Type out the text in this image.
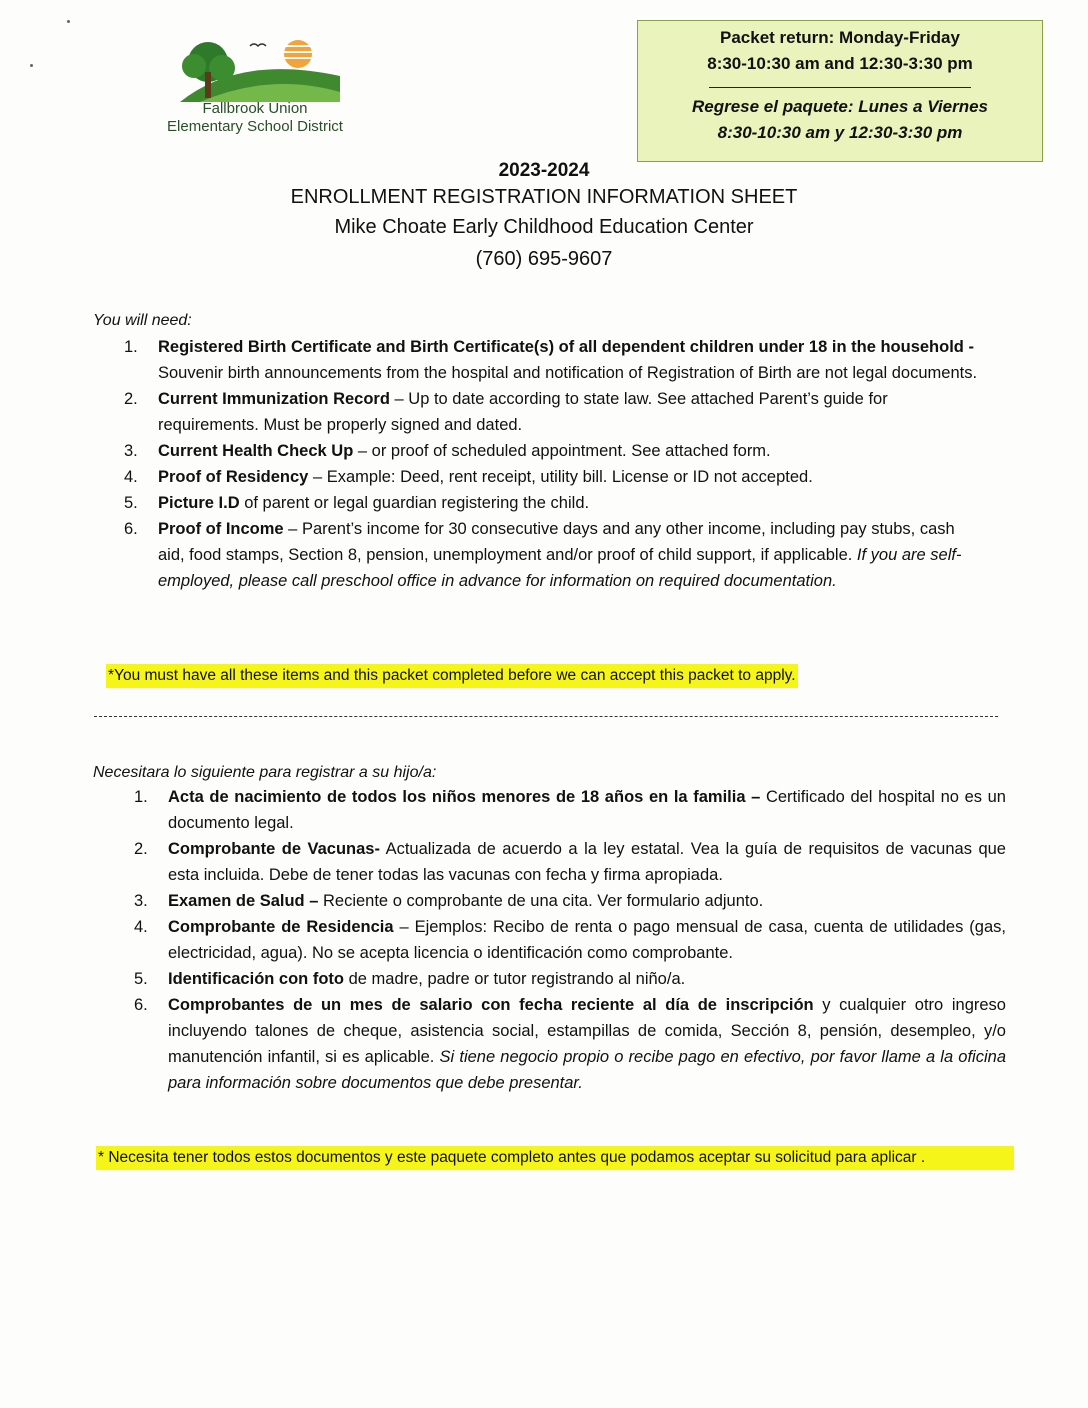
Fallbrook Union
Elementary School District
Packet return: Monday-Friday
8:30-10:30 am and 12:30-3:30 pm
Regrese el paquete: Lunes a Viernes
8:30-10:30 am y 12:30-3:30 pm
2023-2024
ENROLLMENT REGISTRATION INFORMATION SHEET
Mike Choate Early Childhood Education Center
(760) 695-9607
You will need:
1. Registered Birth Certificate and Birth Certificate(s) of all dependent children under 18 in the household - Souvenir birth announcements from the hospital and notification of Registration of Birth are not legal documents.
2. Current Immunization Record – Up to date according to state law. See attached Parent’s guide for requirements. Must be properly signed and dated.
3. Current Health Check Up – or proof of scheduled appointment. See attached form.
4. Proof of Residency – Example: Deed, rent receipt, utility bill. License or ID not accepted.
5. Picture I.D of parent or legal guardian registering the child.
6. Proof of Income – Parent’s income for 30 consecutive days and any other income, including pay stubs, cash aid, food stamps, Section 8, pension, unemployment and/or proof of child support, if applicable. If you are self-employed, please call preschool office in advance for information on required documentation.
*You must have all these items and this packet completed before we can accept this packet to apply.
Necesitara lo siguiente para registrar a su hijo/a:
1. Acta de nacimiento de todos los niños menores de 18 años en la familia – Certificado del hospital no es un documento legal.
2. Comprobante de Vacunas- Actualizada de acuerdo a la ley estatal. Vea la guía de requisitos de vacunas que esta incluida. Debe de tener todas las vacunas con fecha y firma apropiada.
3. Examen de Salud – Reciente o comprobante de una cita. Ver formulario adjunto.
4. Comprobante de Residencia – Ejemplos: Recibo de renta o pago mensual de casa, cuenta de utilidades (gas, electricidad, agua). No se acepta licencia o identificación como comprobante.
5. Identificación con foto de madre, padre or tutor registrando al niño/a.
6. Comprobantes de un mes de salario con fecha reciente al día de inscripción y cualquier otro ingreso incluyendo talones de cheque, asistencia social, estampillas de comida, Sección 8, pensión, desempleo, y/o manutención infantil, si es aplicable. Si tiene negocio propio o recibe pago en efectivo, por favor llame a la oficina para información sobre documentos que debe presentar.
* Necesita tener todos estos documentos y este paquete completo antes que podamos aceptar su solicitud para aplicar .
